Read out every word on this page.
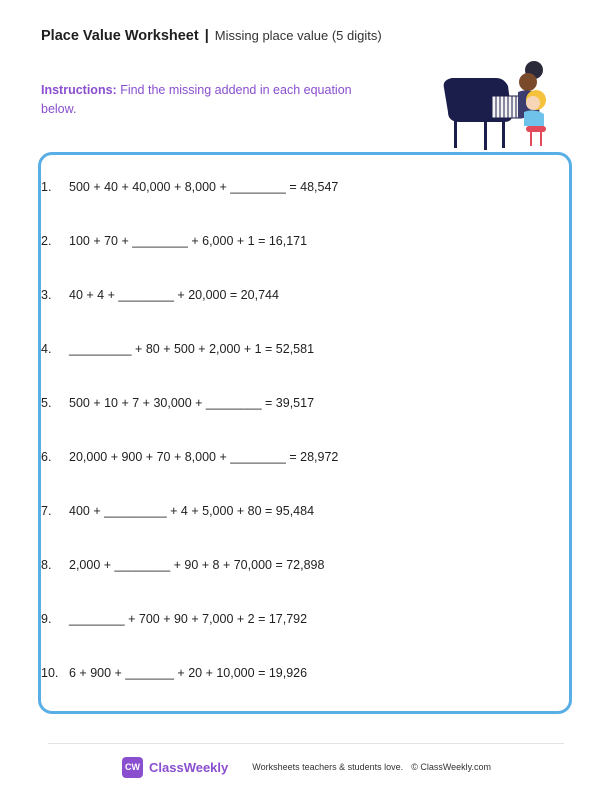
Place Value Worksheet | Missing place value (5 digits)
Instructions: Find the missing addend in each equation below.
1. 500 + 40 + 40,000 + 8,000 + ________ = 48,547
2. 100 + 70 + ________ + 6,000 + 1 = 16,171
3. 40 + 4 + ________ + 20,000 = 20,744
4. _________ + 80 + 500 + 2,000 + 1 = 52,581
5. 500 + 10 + 7 + 30,000 + ________ = 39,517
6. 20,000 + 900 + 70 + 8,000 + ________ = 28,972
7. 400 + _________ + 4 + 5,000 + 80 = 95,484
8. 2,000 + ________ + 90 + 8 + 70,000 = 72,898
9. ________ + 700 + 90 + 7,000 + 2 = 17,792
10. 6 + 900 + _______ + 20 + 10,000 = 19,926
CW ClassWeekly	Worksheets teachers & students love. © ClassWeekly.com
